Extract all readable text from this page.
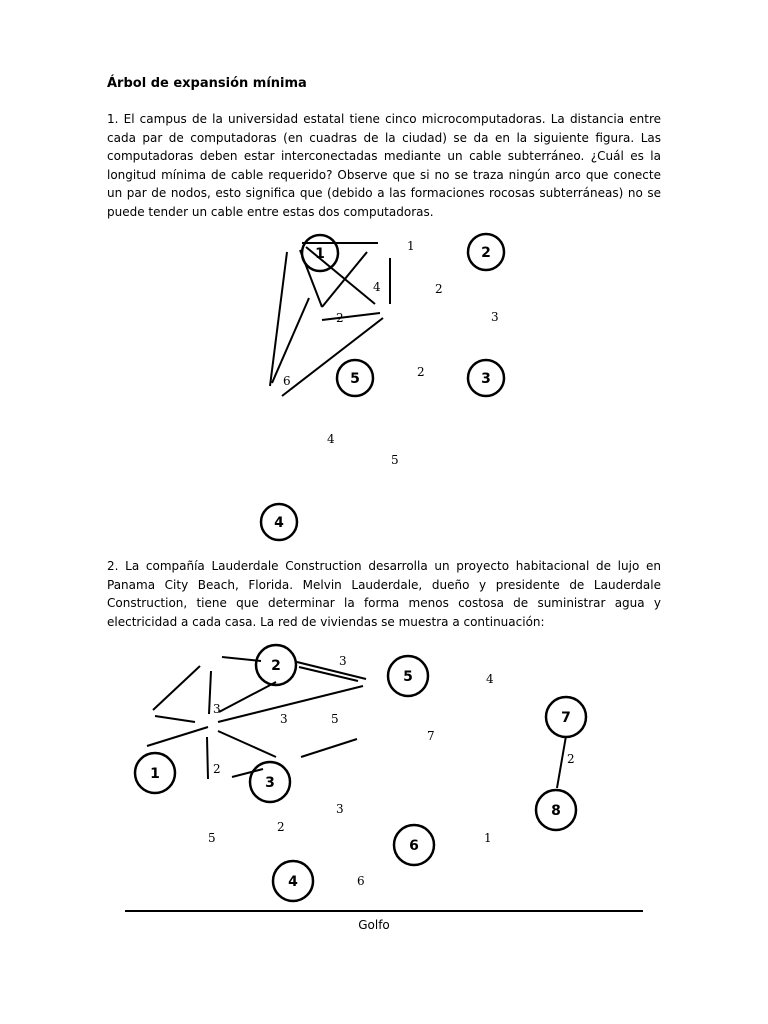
Árbol de expansión mínima
1. El campus de la universidad estatal tiene cinco microcomputadoras. La distancia entre cada par de computadoras (en cuadras de la ciudad) se da en la siguiente figura. Las computadoras deben estar interconectadas mediante un cable subterráneo. ¿Cuál es la longitud mínima de cable requerido? Observe que si no se traza ningún arco que conecte un par de nodos, esto significa que (debido a las formaciones rocosas subterráneas) no se puede tender un cable entre estas dos computadoras.
1	2
3
4
5
1
4	2
3
2
2
6
4
5
2. La compañía Lauderdale Construction desarrolla un proyecto habitacional de lujo en Panama City Beach, Florida. Melvin Lauderdale, dueño y presidente de Lauderdale Construction, tiene que determinar la forma menos costosa de suministrar agua y electricidad a cada casa. La red de viviendas se muestra a continuación:
1
2
3
4
5
6
7
8
3
3
3	5
4
7
2
2
3
2
5	1
6
Golfo
